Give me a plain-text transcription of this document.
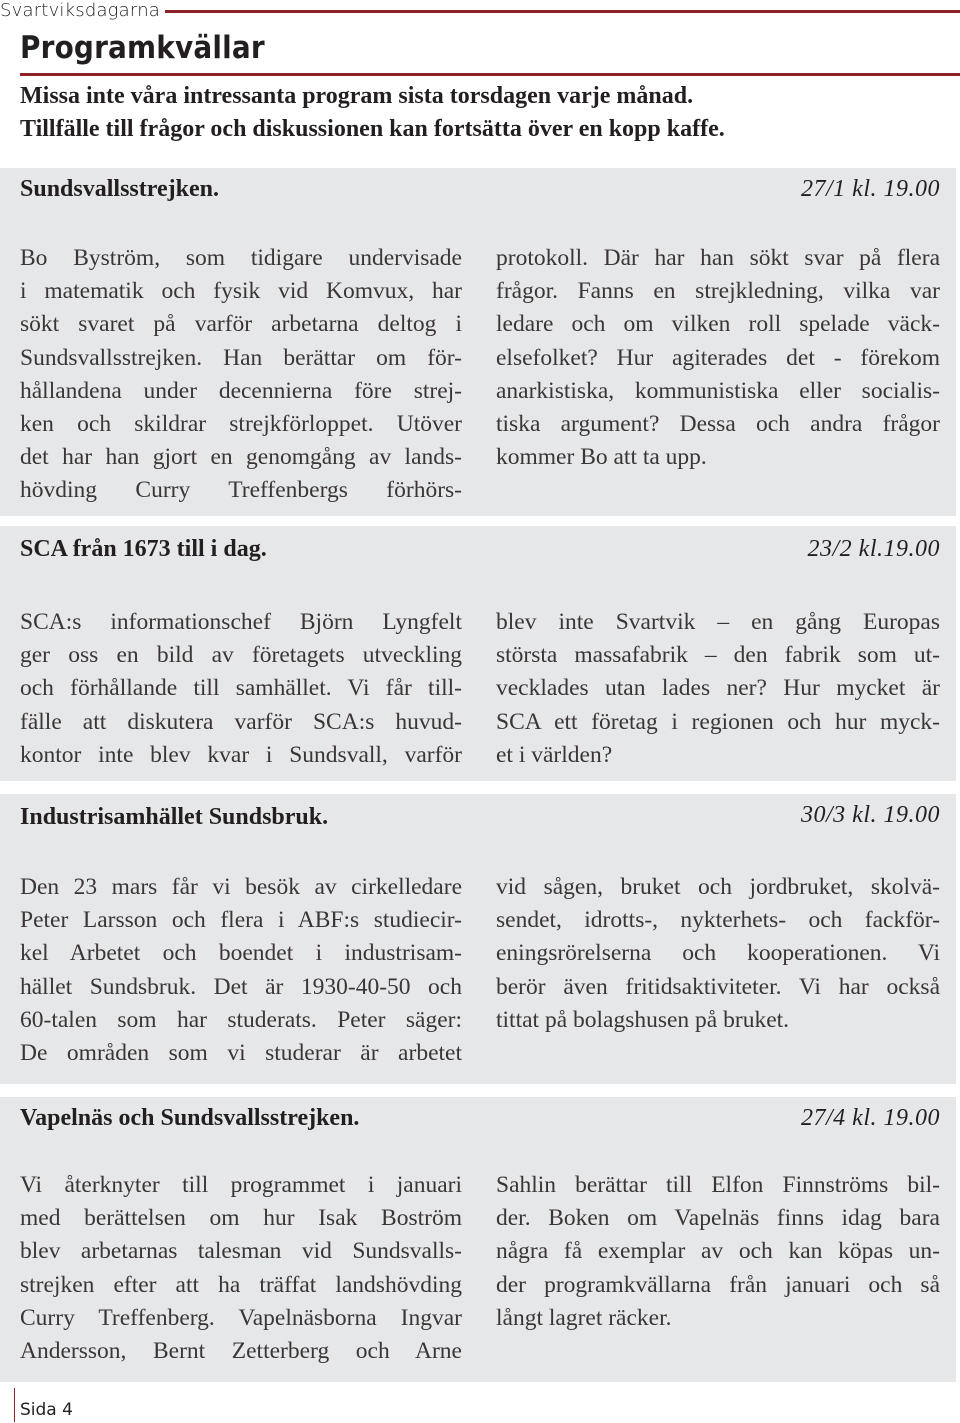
Svartviksdagarna
Programkvällar
Missa inte våra intressanta program sista torsdagen varje månad.
Tillfälle till frågor och diskussionen kan fortsätta över en kopp kaffe.
Sundsvallsstrejken.	27/1 kl. 19.00
Bo Byström, som tidigare undervisade
i matematik och fysik vid Komvux, har
sökt svaret på varför arbetarna deltog i
Sundsvallsstrejken. Han berättar om för-
hållandena under decennierna före strej-
ken och skildrar strejkförloppet. Utöver
det har han gjort en genomgång av lands-
hövding Curry Treffenbergs förhörs-
protokoll. Där har han sökt svar på flera
frågor. Fanns en strejkledning, vilka var
ledare och om vilken roll spelade väck-
elsefolket? Hur agiterades det - förekom
anarkistiska, kommunistiska eller socialis-
tiska argument? Dessa och andra frågor
kommer Bo att ta upp.
SCA från 1673 till i dag.	23/2 kl.19.00
SCA:s informationschef Björn Lyngfelt
ger oss en bild av företagets utveckling
och förhållande till samhället. Vi får till-
fälle att diskutera varför SCA:s huvud-
kontor inte blev kvar i Sundsvall, varför
blev inte Svartvik – en gång Europas
största massafabrik – den fabrik som ut-
vecklades utan lades ner? Hur mycket är
SCA ett företag i regionen och hur myck-
et i världen?
Industrisamhället Sundsbruk.	30/3 kl. 19.00
Den 23 mars får vi besök av cirkelledare
Peter Larsson och flera i ABF:s studiecir-
kel Arbetet och boendet i industrisam-
hället Sundsbruk. Det är 1930-40-50 och
60-talen som har studerats. Peter säger:
De områden som vi studerar är arbetet
vid sågen, bruket och jordbruket, skolvä-
sendet, idrotts-, nykterhets- och fackför-
eningsrörelserna och kooperationen. Vi
berör även fritidsaktiviteter. Vi har också
tittat på bolagshusen på bruket.
Vapelnäs och Sundsvallsstrejken.	27/4 kl. 19.00
Vi återknyter till programmet i januari
med berättelsen om hur Isak Boström
blev arbetarnas talesman vid Sundsvalls-
strejken efter att ha träffat landshövding
Curry Treffenberg. Vapelnäsborna Ingvar
Andersson, Bernt Zetterberg och Arne
Sahlin berättar till Elfon Finnströms bil-
der. Boken om Vapelnäs finns idag bara
några få exemplar av och kan köpas un-
der programkvällarna från januari och så
långt lagret räcker.
Sida 4
